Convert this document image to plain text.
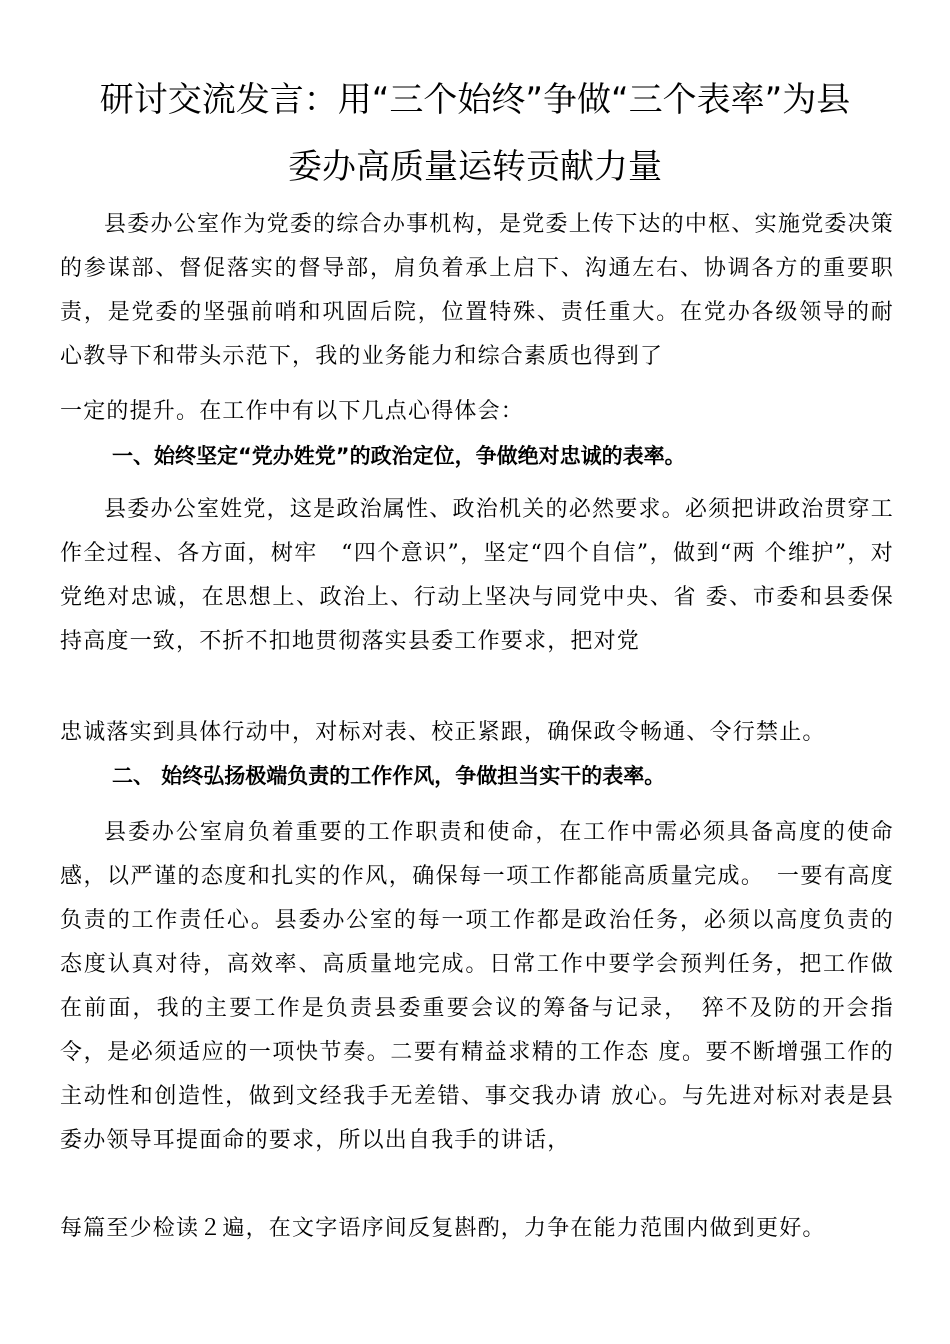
研讨交流发言：用“三个始终”争做“三个表率”为县
委办高质量运转贡献力量

县委办公室作为党委的综合办事机构，是党委上传下达的中枢、实施党委决策的参谋部、督促落实的督导部，肩负着承上启下、沟通左右、协调各方的重要职责，是党委的坚强前哨和巩固后院，位置特殊、责任重大。在党办各级领导的耐心教导下和带头示范下，我的业务能力和综合素质也得到了

一定的提升。在工作中有以下几点心得体会：

一、始终坚定“党办姓党”的政治定位，争做绝对忠诚的表率。

县委办公室姓党，这是政治属性、政治机关的必然要求。必须把讲政治贯穿工作全过程、各方面，树牢　“四个意识”，坚定“四个自信”，做到“两 个维护”，对党绝对忠诚，在思想上、政治上、行动上坚决与同党中央、省 委、市委和县委保持高度一致，不折不扣地贯彻落实县委工作要求，把对党

忠诚落实到具体行动中，对标对表、校正紧跟，确保政令畅通、令行禁止。

二、 始终弘扬极端负责的工作作风，争做担当实干的表率。

县委办公室肩负着重要的工作职责和使命，在工作中需必须具备高度的使命感，以严谨的态度和扎实的作风，确保每一项工作都能高质量完成。　一要有高度负责的工作责任心。县委办公室的每一项工作都是政治任务，必须以高度负责的态度认真对待，高效率、高质量地完成。日常工作中要学会预判任务，把工作做在前面，我的主要工作是负责县委重要会议的筹备与记录，　猝不及防的开会指令，是必须适应的一项快节奏。二要有精益求精的工作态 度。要不断增强工作的主动性和创造性，做到文经我手无差错、事交我办请 放心。与先进对标对表是县委办领导耳提面命的要求，所以出自我手的讲话，

每篇至少检读２遍，在文字语序间反复斟酌，力争在能力范围内做到更好。
